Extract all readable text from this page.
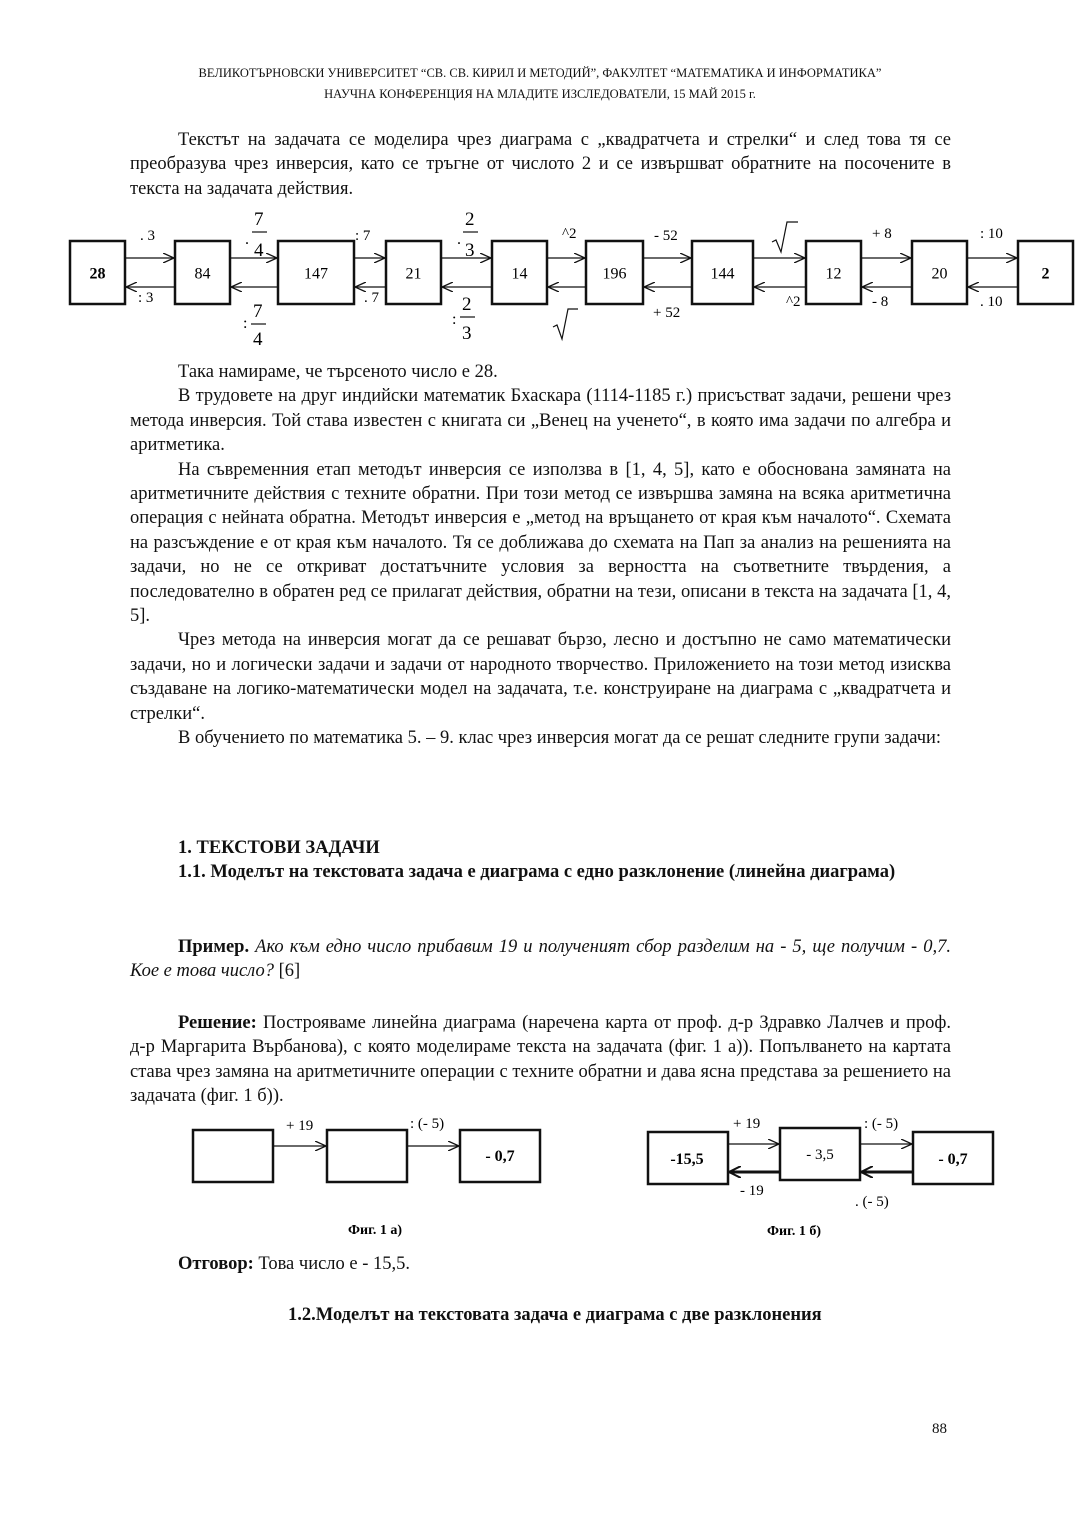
ВЕЛИКОТЪРНОВСКИ УНИВЕРСИТЕТ “СВ. СВ. КИРИЛ И МЕТОДИЙ”, ФАКУЛТЕТ “МАТЕМАТИКА И ИНФОРМАТИКА”
НАУЧНА КОНФЕРЕНЦИЯ НА МЛАДИТЕ ИЗСЛЕДОВАТЕЛИ, 15 МАЙ 2015 г.

Текстът на задачата се моделира чрез диаграма с „квадратчета и стрелки“ и след това тя се преобразува чрез инверсия, като се тръгне от числото 2 и се извършват обратните на посочените в текста на задачата действия.

28	84	147	21	14	196	144	12	20	2
. 3	.
7
4
: 7	.
2
3
^2	- 52	+ 8	: 10
: 3
:
7
4
. 7
:
2
3
+ 52
^2	- 8	. 10

Така намираме, че търсеното число е 28.

В трудовете на друг индийски математик Бхаскара (1114-1185 г.) присъстват задачи, решени чрез метода инверсия. Той става известен с книгата си „Венец на ученето“, в която има задачи по алгебра и аритметика.

На съвременния етап методът инверсия се използва в [1, 4, 5], като е обоснована замяната на аритметичните действия с техните обратни. При този метод се извършва замяна на всяка аритметична операция с нейната обратна. Методът инверсия е „метод на връщането от края към началото“. Схемата на разсъждение е от края към началото. Тя се доближава до схемата на Пап за анализ на решенията на задачи, но не се откриват достатъчните условия за верността на съответните твърдения, а последователно в обратен ред се прилагат действия, обратни на тези, описани в текста на задачата [1, 4, 5].

Чрез метода на инверсия могат да се решават бързо, лесно и достъпно не само математически задачи, но и логически задачи и задачи от народното творчество. Приложението на този метод изисква създаване на логико-математически модел на задачата, т.е. конструиране на диаграма с „квадратчета и стрелки“.

В обучението по математика 5. – 9. клас чрез инверсия могат да се решат следните групи задачи:

1. ТЕКСТОВИ ЗАДАЧИ

1.1. Моделът на текстовата задача е диаграма с едно разклонение (линейна диаграма)

Пример. Ако към едно число прибавим 19 и полученият сбор разделим на - 5, ще получим - 0,7. Кое е това число? [6]

Решение: Построяваме линейна диаграма (наречена карта от проф. д-р Здравко Лалчев и проф. д-р Маргарита Върбанова), с която моделираме текста на задачата (фиг. 1 а)). Попълването на картата става чрез замяна на аритметичните операции с техните обратни и дава ясна представа за решението на задачата (фиг. 1 б)).

- 0,7
+ 19	: (- 5)
Фиг. 1 а)
-15,5	- 3,5	- 0,7
+ 19	: (- 5)
- 19
. (- 5)
Фиг. 1 б)

Отговор: Това число е - 15,5.

1.2.Моделът на текстовата задача е диаграма с две разклонения
88
